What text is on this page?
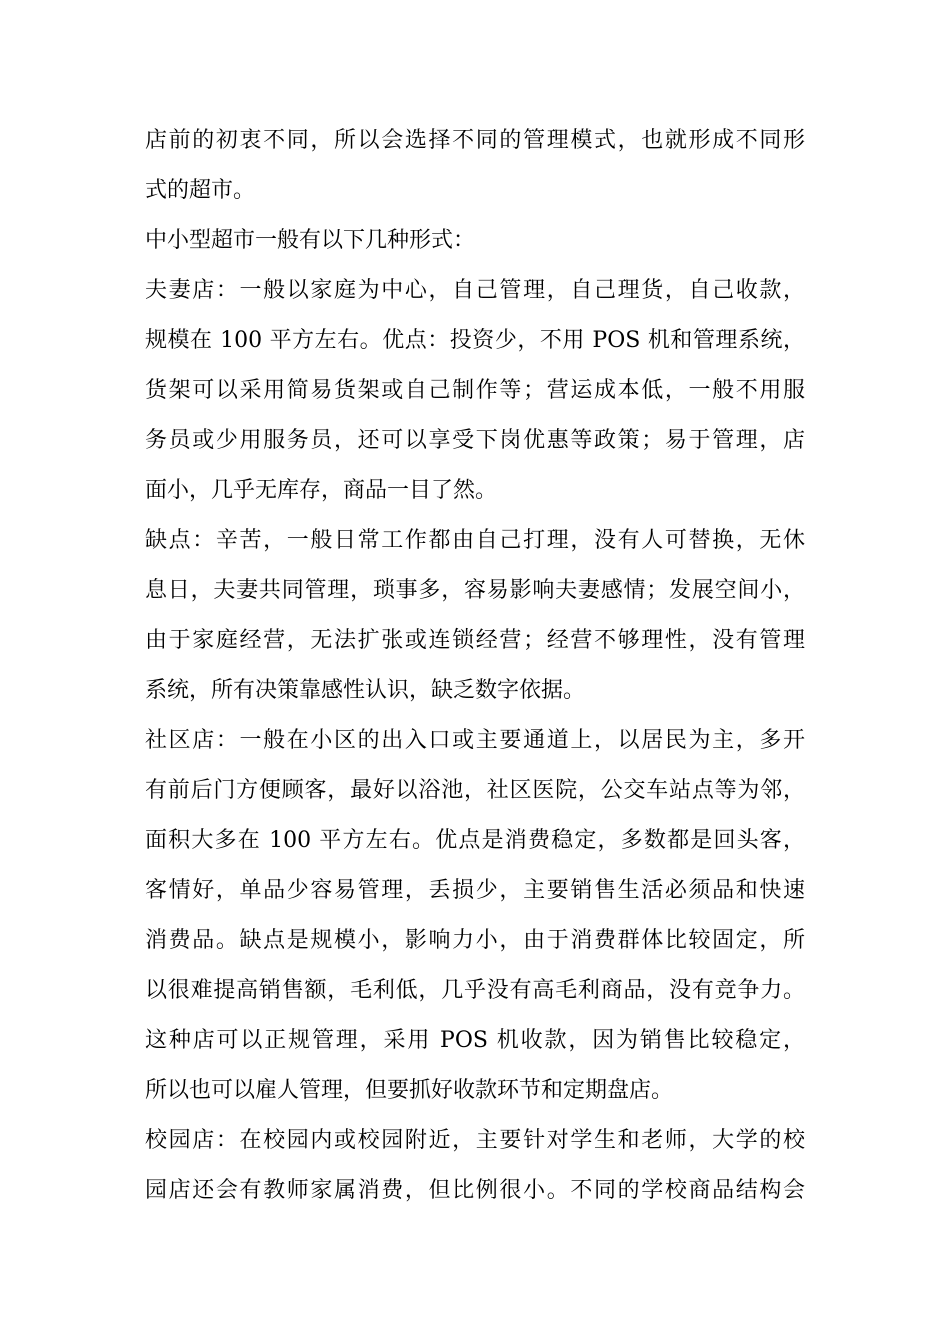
店前的初衷不同，所以会选择不同的管理模式，也就形成不同形
式的超市。
中小型超市一般有以下几种形式：
夫妻店：一般以家庭为中心，自己管理，自己理货，自己收款，
规模在 100 平方左右。优点：投资少，不用 POS 机和管理系统，
货架可以采用简易货架或自己制作等；营运成本低，一般不用服
务员或少用服务员，还可以享受下岗优惠等政策；易于管理，店
面小，几乎无库存，商品一目了然。
缺点：辛苦，一般日常工作都由自己打理，没有人可替换，无休
息日，夫妻共同管理，琐事多，容易影响夫妻感情；发展空间小，
由于家庭经营，无法扩张或连锁经营；经营不够理性，没有管理
系统，所有决策靠感性认识，缺乏数字依据。
社区店：一般在小区的出入口或主要通道上，以居民为主，多开
有前后门方便顾客，最好以浴池，社区医院，公交车站点等为邻，
面积大多在 100 平方左右。优点是消费稳定，多数都是回头客，
客情好，单品少容易管理，丢损少，主要销售生活必须品和快速
消费品。缺点是规模小，影响力小，由于消费群体比较固定，所
以很难提高销售额，毛利低，几乎没有高毛利商品，没有竞争力。
这种店可以正规管理，采用 POS 机收款，因为销售比较稳定，
所以也可以雇人管理，但要抓好收款环节和定期盘店。
校园店：在校园内或校园附近，主要针对学生和老师，大学的校
园店还会有教师家属消费，但比例很小。不同的学校商品结构会
